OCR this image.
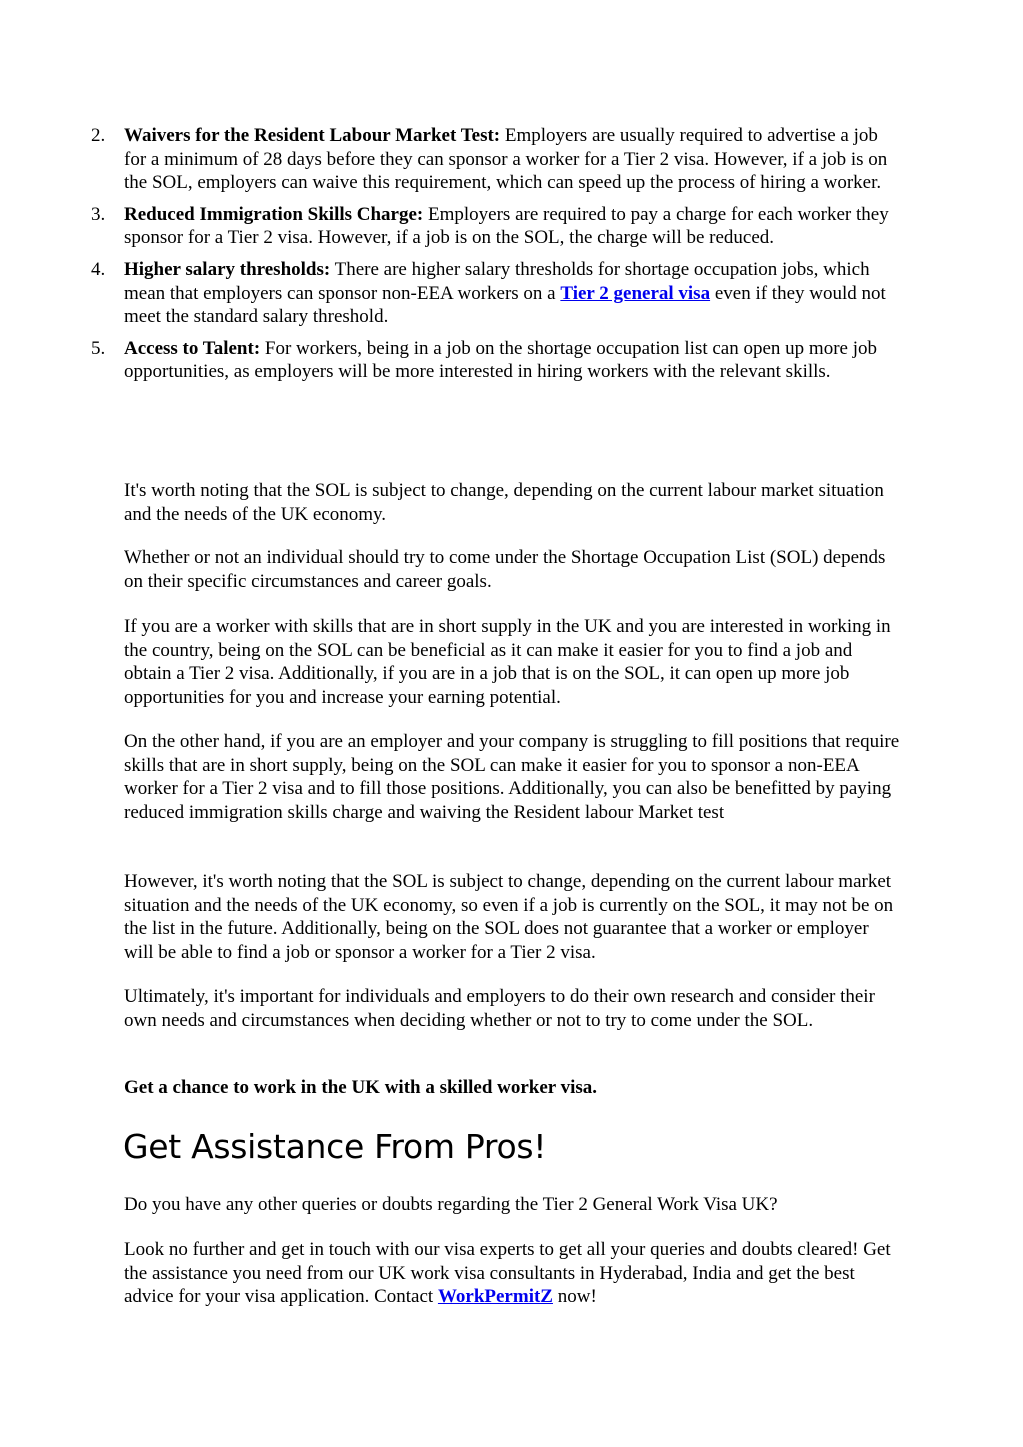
2. Waivers for the Resident Labour Market Test: Employers are usually required to advertise a job for a minimum of 28 days before they can sponsor a worker for a Tier 2 visa. However, if a job is on the SOL, employers can waive this requirement, which can speed up the process of hiring a worker.
3. Reduced Immigration Skills Charge: Employers are required to pay a charge for each worker they sponsor for a Tier 2 visa. However, if a job is on the SOL, the charge will be reduced.
4. Higher salary thresholds: There are higher salary thresholds for shortage occupation jobs, which mean that employers can sponsor non-EEA workers on a Tier 2 general visa even if they would not meet the standard salary threshold.
5. Access to Talent: For workers, being in a job on the shortage occupation list can open up more job opportunities, as employers will be more interested in hiring workers with the relevant skills.

It's worth noting that the SOL is subject to change, depending on the current labour market situation and the needs of the UK economy.

Whether or not an individual should try to come under the Shortage Occupation List (SOL) depends on their specific circumstances and career goals.

If you are a worker with skills that are in short supply in the UK and you are interested in working in the country, being on the SOL can be beneficial as it can make it easier for you to find a job and obtain a Tier 2 visa. Additionally, if you are in a job that is on the SOL, it can open up more job opportunities for you and increase your earning potential.

On the other hand, if you are an employer and your company is struggling to fill positions that require skills that are in short supply, being on the SOL can make it easier for you to sponsor a non-EEA worker for a Tier 2 visa and to fill those positions. Additionally, you can also be benefitted by paying reduced immigration skills charge and waiving the Resident labour Market test

However, it's worth noting that the SOL is subject to change, depending on the current labour market situation and the needs of the UK economy, so even if a job is currently on the SOL, it may not be on the list in the future. Additionally, being on the SOL does not guarantee that a worker or employer will be able to find a job or sponsor a worker for a Tier 2 visa.

Ultimately, it's important for individuals and employers to do their own research and consider their own needs and circumstances when deciding whether or not to try to come under the SOL.

Get a chance to work in the UK with a skilled worker visa.

Get Assistance From Pros!

Do you have any other queries or doubts regarding the Tier 2 General Work Visa UK?

Look no further and get in touch with our visa experts to get all your queries and doubts cleared! Get the assistance you need from our UK work visa consultants in Hyderabad, India and get the best advice for your visa application. Contact WorkPermitZ now!
